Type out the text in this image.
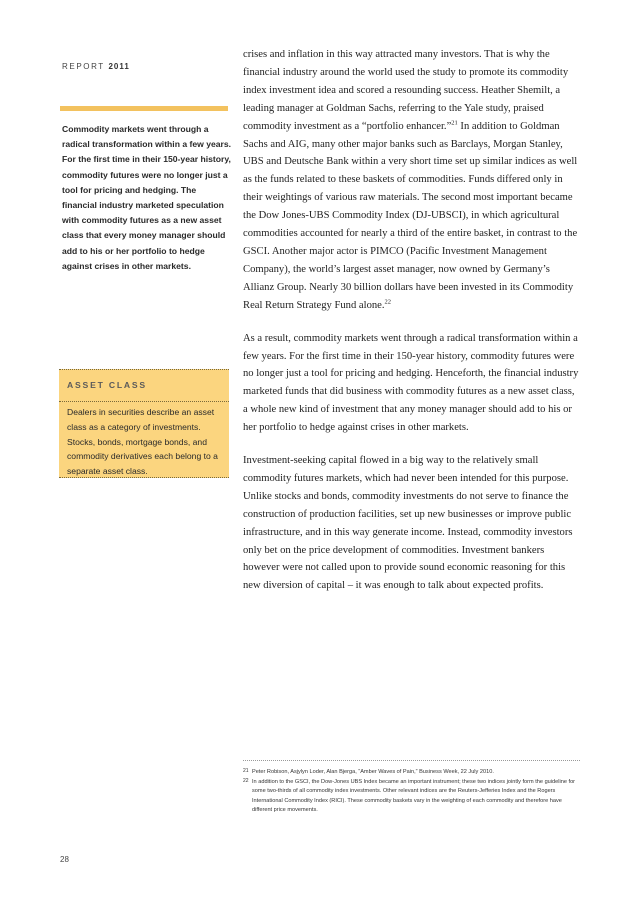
REPORT 2011

Commodity markets went through a radical transformation within a few years. For the first time in their 150-year history, commodity futures were no longer just a tool for pricing and hedging. The financial industry marketed speculation with commodity futures as a new asset class that every money manager should add to his or her portfolio to hedge against crises in other markets.

ASSET CLASS
Dealers in securities describe an asset class as a category of investments. Stocks, bonds, mortgage bonds, and commodity derivatives each belong to a separate asset class.

crises and inflation in this way attracted many investors. That is why the financial industry around the world used the study to promote its commodity index investment idea and scored a resounding success. Heather Shemilt, a leading manager at Goldman Sachs, referring to the Yale study, praised commodity investment as a “portfolio enhancer.”$^{21}$ In addition to Goldman Sachs and AIG, many other major banks such as Barclays, Morgan Stanley, UBS and Deutsche Bank within a very short time set up similar indices as well as the funds related to these baskets of commodities. Funds differed only in their weightings of various raw materials. The second most important became the Dow Jones-UBS Commodity Index (DJ-UBSCI), in which agricultural commodities accounted for nearly a third of the entire basket, in contrast to the GSCI. Another major actor is PIMCO (Pacific Investment Management Company), the world’s largest asset manager, now owned by Germany’s Allianz Group. Nearly 30 billion dollars have been invested in its Commodity Real Return Strategy Fund alone.$^{22}$

As a result, commodity markets went through a radical transformation within a few years. For the first time in their 150-year history, commodity futures were no longer just a tool for pricing and hedging. Henceforth, the financial industry marketed funds that did business with commodity futures as a new asset class, a whole new kind of investment that any money manager should add to his or her portfolio to hedge against crises in other markets.

Investment-seeking capital flowed in a big way to the relatively small commodity futures markets, which had never been intended for this purpose. Unlike stocks and bonds, commodity investments do not serve to finance the construction of production facilities, set up new businesses or improve public infrastructure, and in this way generate income. Instead, commodity investors only bet on the price development of commodities. Investment bankers however were not called upon to provide sound economic reasoning for this new diversion of capital – it was enough to talk about expected profits.

21 Peter Robison, Asjylyn Loder, Alan Bjerga, “Amber Waves of Pain,” Business Week, 22 July 2010.
22 In addition to the GSCI, the Dow-Jones UBS Index became an important instrument; these two indices jointly form the guideline for some two-thirds of all commodity index investments. Other relevant indices are the Reuters-Jefferies Index and the Rogers International Commodity Index (RICI). These commodity baskets vary in the weighting of each commodity and therefore have different price movements.
28
